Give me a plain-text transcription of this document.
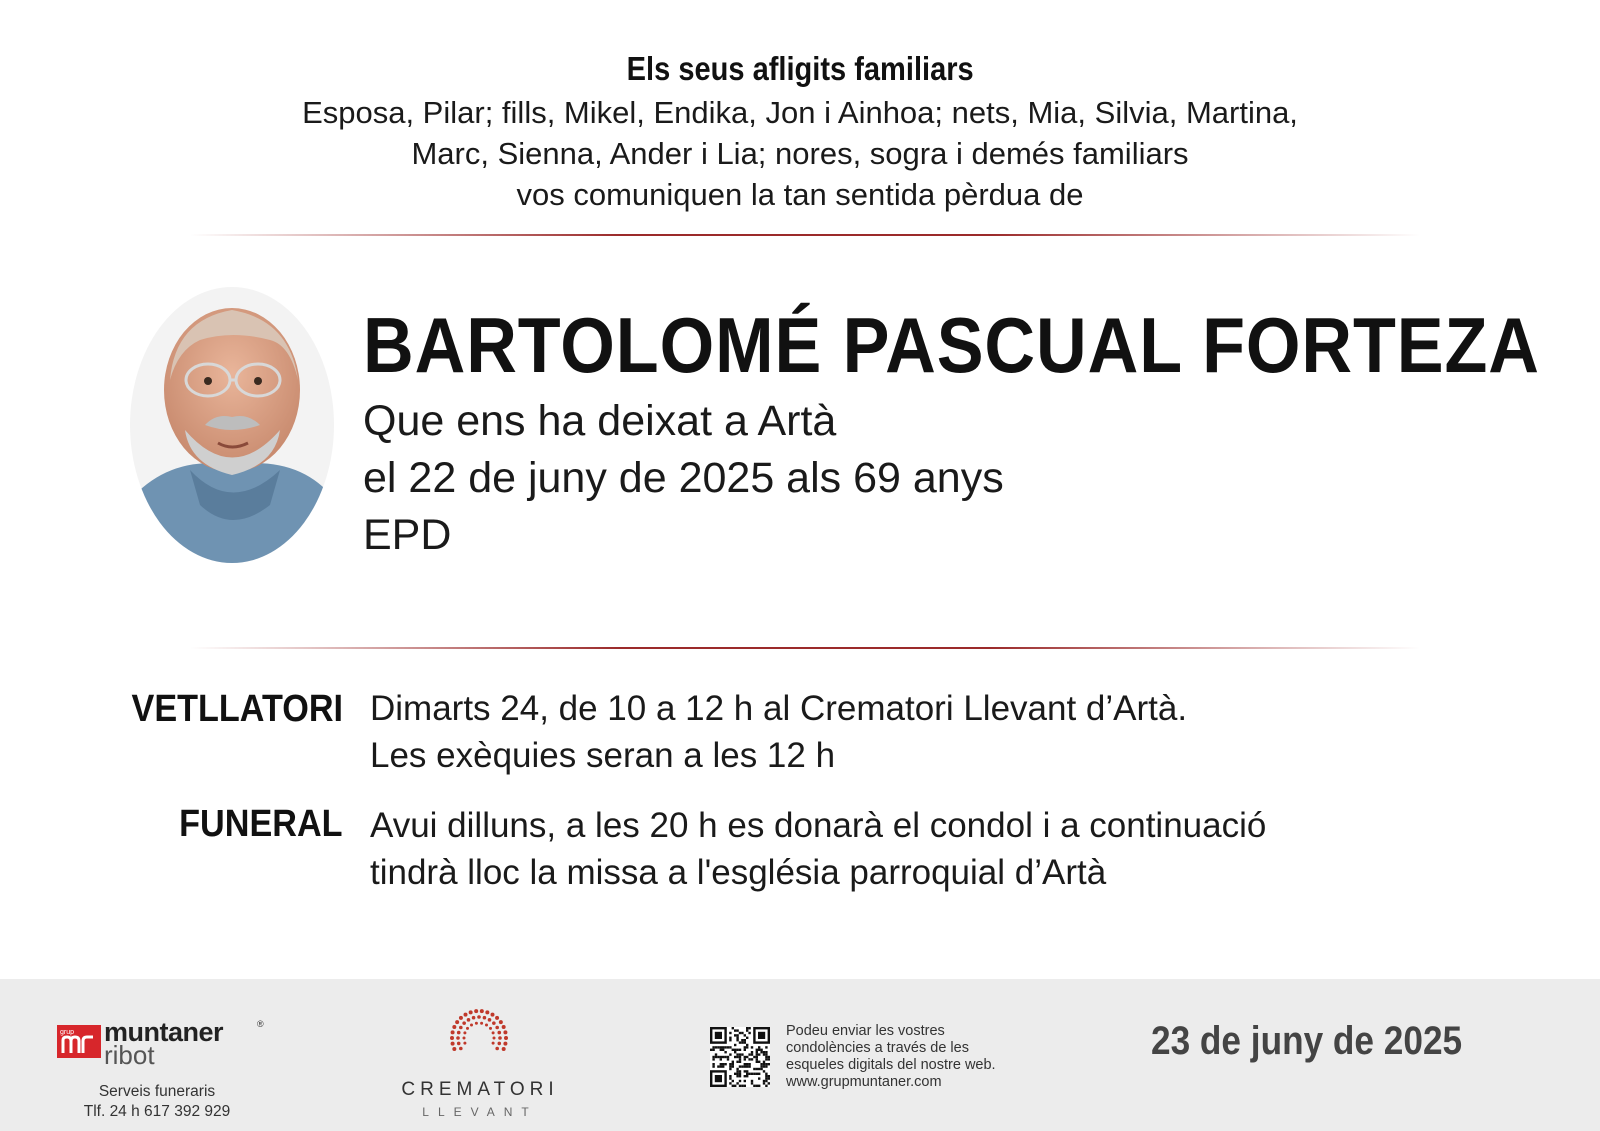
Els seus afligits familiars
Esposa, Pilar; fills, Mikel, Endika, Jon i Ainhoa; nets, Mia, Silvia, Martina,
Marc, Sienna, Ander i Lia; nores, sogra i demés familiars
vos comuniquen la tan sentida pèrdua de
BARTOLOMÉ PASCUAL FORTEZA
Que ens ha deixat a Artà
el 22 de juny de 2025 als 69 anys
EPD
VETLLATORI Dimarts 24, de 10 a 12 h al Crematori Llevant d’Artà.
Les exèquies seran a les 12 h
FUNERAL Avui dilluns, a les 20 h es donarà el condol i a continuació
tindrà lloc la missa a l'església parroquial d’Artà
grup muntaner
ribot
®
Serveis funeraris
Tlf. 24 h 617 392 929
CREMATORI
LLEVANT
Podeu enviar les vostres
condolències a través de les
esqueles digitals del nostre web.
www.grupmuntaner.com
23 de juny de 2025
